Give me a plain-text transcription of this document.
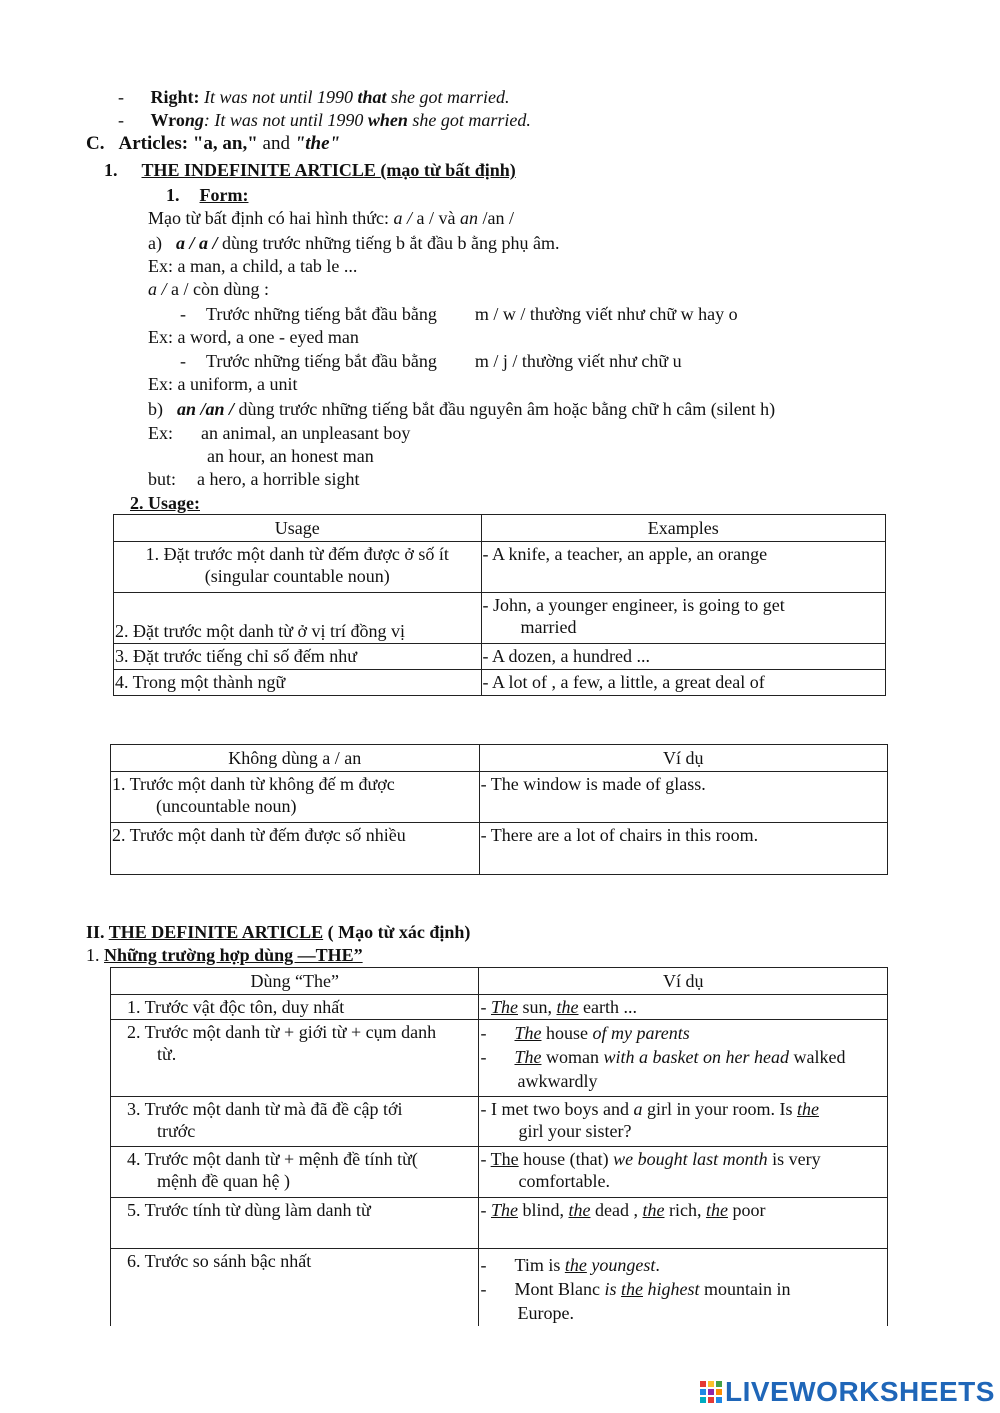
- Right: It was not until 1990 that she got married.
- Wrong: It was not until 1990 when she got married.
C. Articles: "a, an," and "the"
1. THE INDEFINITE ARTICLE (mạo từ bất định)
1. Form:
Mạo từ bất định có hai hình thức: a / a / và an /an /
a) a / a / dùng trước những tiếng b ắt đầu b ằng phụ âm.
Ex: a man, a child, a tab le ...
a / a / còn dùng :
- Trước những tiếng bắt đầu bằng m / w / thường viết như chữ w hay o
Ex: a word, a one - eyed man
- Trước những tiếng bắt đầu bằng m / j / thường viết như chữ u
Ex: a uniform, a unit
b) an /an / dùng trước những tiếng bắt đầu nguyên âm hoặc bằng chữ h câm (silent h)
Ex: an animal, an unpleasant boy
an hour, an honest man
but: a hero, a horrible sight
2. Usage:
Usage	Examples
1. Đặt trước một danh từ đếm được ở số ít
(singular countable noun)	- A knife, a teacher, an apple, an orange
2. Đặt trước một danh từ ở vị trí đồng vị	- John, a younger engineer, is going to get
married
3. Đặt trước tiếng chỉ số đếm như	- A dozen, a hundred ...
4. Trong một thành ngữ	- A lot of , a few, a little, a great deal of
Không dùng a / an	Ví dụ
1. Trước một danh từ không đế m được
(uncountable noun)	- The window is made of glass.
2. Trước một danh từ đếm được số nhiều	- There are a lot of chairs in this room.
II. THE DEFINITE ARTICLE ( Mạo từ xác định)
1. Những trường hợp dùng —THE”
Dùng “The”	Ví dụ
1. Trước vật độc tôn, duy nhất	- The sun, the earth ...
2. Trước một danh từ + giới từ + cụm danh
từ.	- The house of my parents
- The woman with a basket on her head walked
awkwardly
3. Trước một danh từ mà đã đề cập tới
trước	- I met two boys and a girl in your room. Is the
girl your sister?
4. Trước một danh từ + mệnh đề tính từ(
mệnh đề quan hệ )	- The house (that) we bought last month is very
comfortable.
5. Trước tính từ dùng làm danh từ	- The blind, the dead , the rich, the poor
6. Trước so sánh bậc nhất	- Tim is the youngest.
- Mont Blanc is the highest mountain in
Europe.
LIVEWORKSHEETS
